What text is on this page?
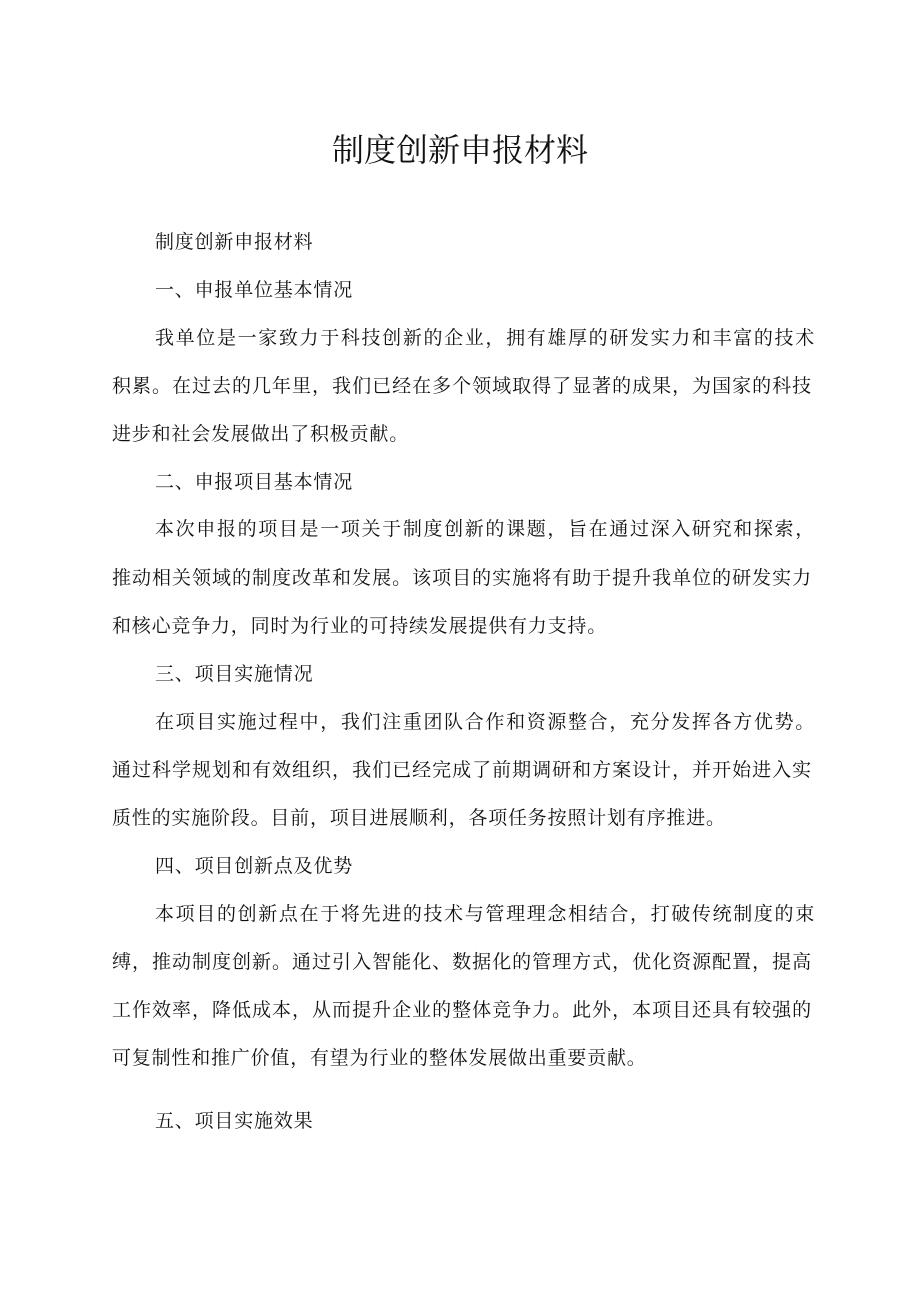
制度创新申报材料
制度创新申报材料
一、申报单位基本情况
我单位是一家致力于科技创新的企业，拥有雄厚的研发实力和丰富的技术
积累。在过去的几年里，我们已经在多个领域取得了显著的成果，为国家的科技
进步和社会发展做出了积极贡献。
二、申报项目基本情况
本次申报的项目是一项关于制度创新的课题，旨在通过深入研究和探索，
推动相关领域的制度改革和发展。该项目的实施将有助于提升我单位的研发实力
和核心竞争力，同时为行业的可持续发展提供有力支持。
三、项目实施情况
在项目实施过程中，我们注重团队合作和资源整合，充分发挥各方优势。
通过科学规划和有效组织，我们已经完成了前期调研和方案设计，并开始进入实
质性的实施阶段。目前，项目进展顺利，各项任务按照计划有序推进。
四、项目创新点及优势
本项目的创新点在于将先进的技术与管理理念相结合，打破传统制度的束
缚，推动制度创新。通过引入智能化、数据化的管理方式，优化资源配置，提高
工作效率，降低成本，从而提升企业的整体竞争力。此外，本项目还具有较强的
可复制性和推广价值，有望为行业的整体发展做出重要贡献。
五、项目实施效果
